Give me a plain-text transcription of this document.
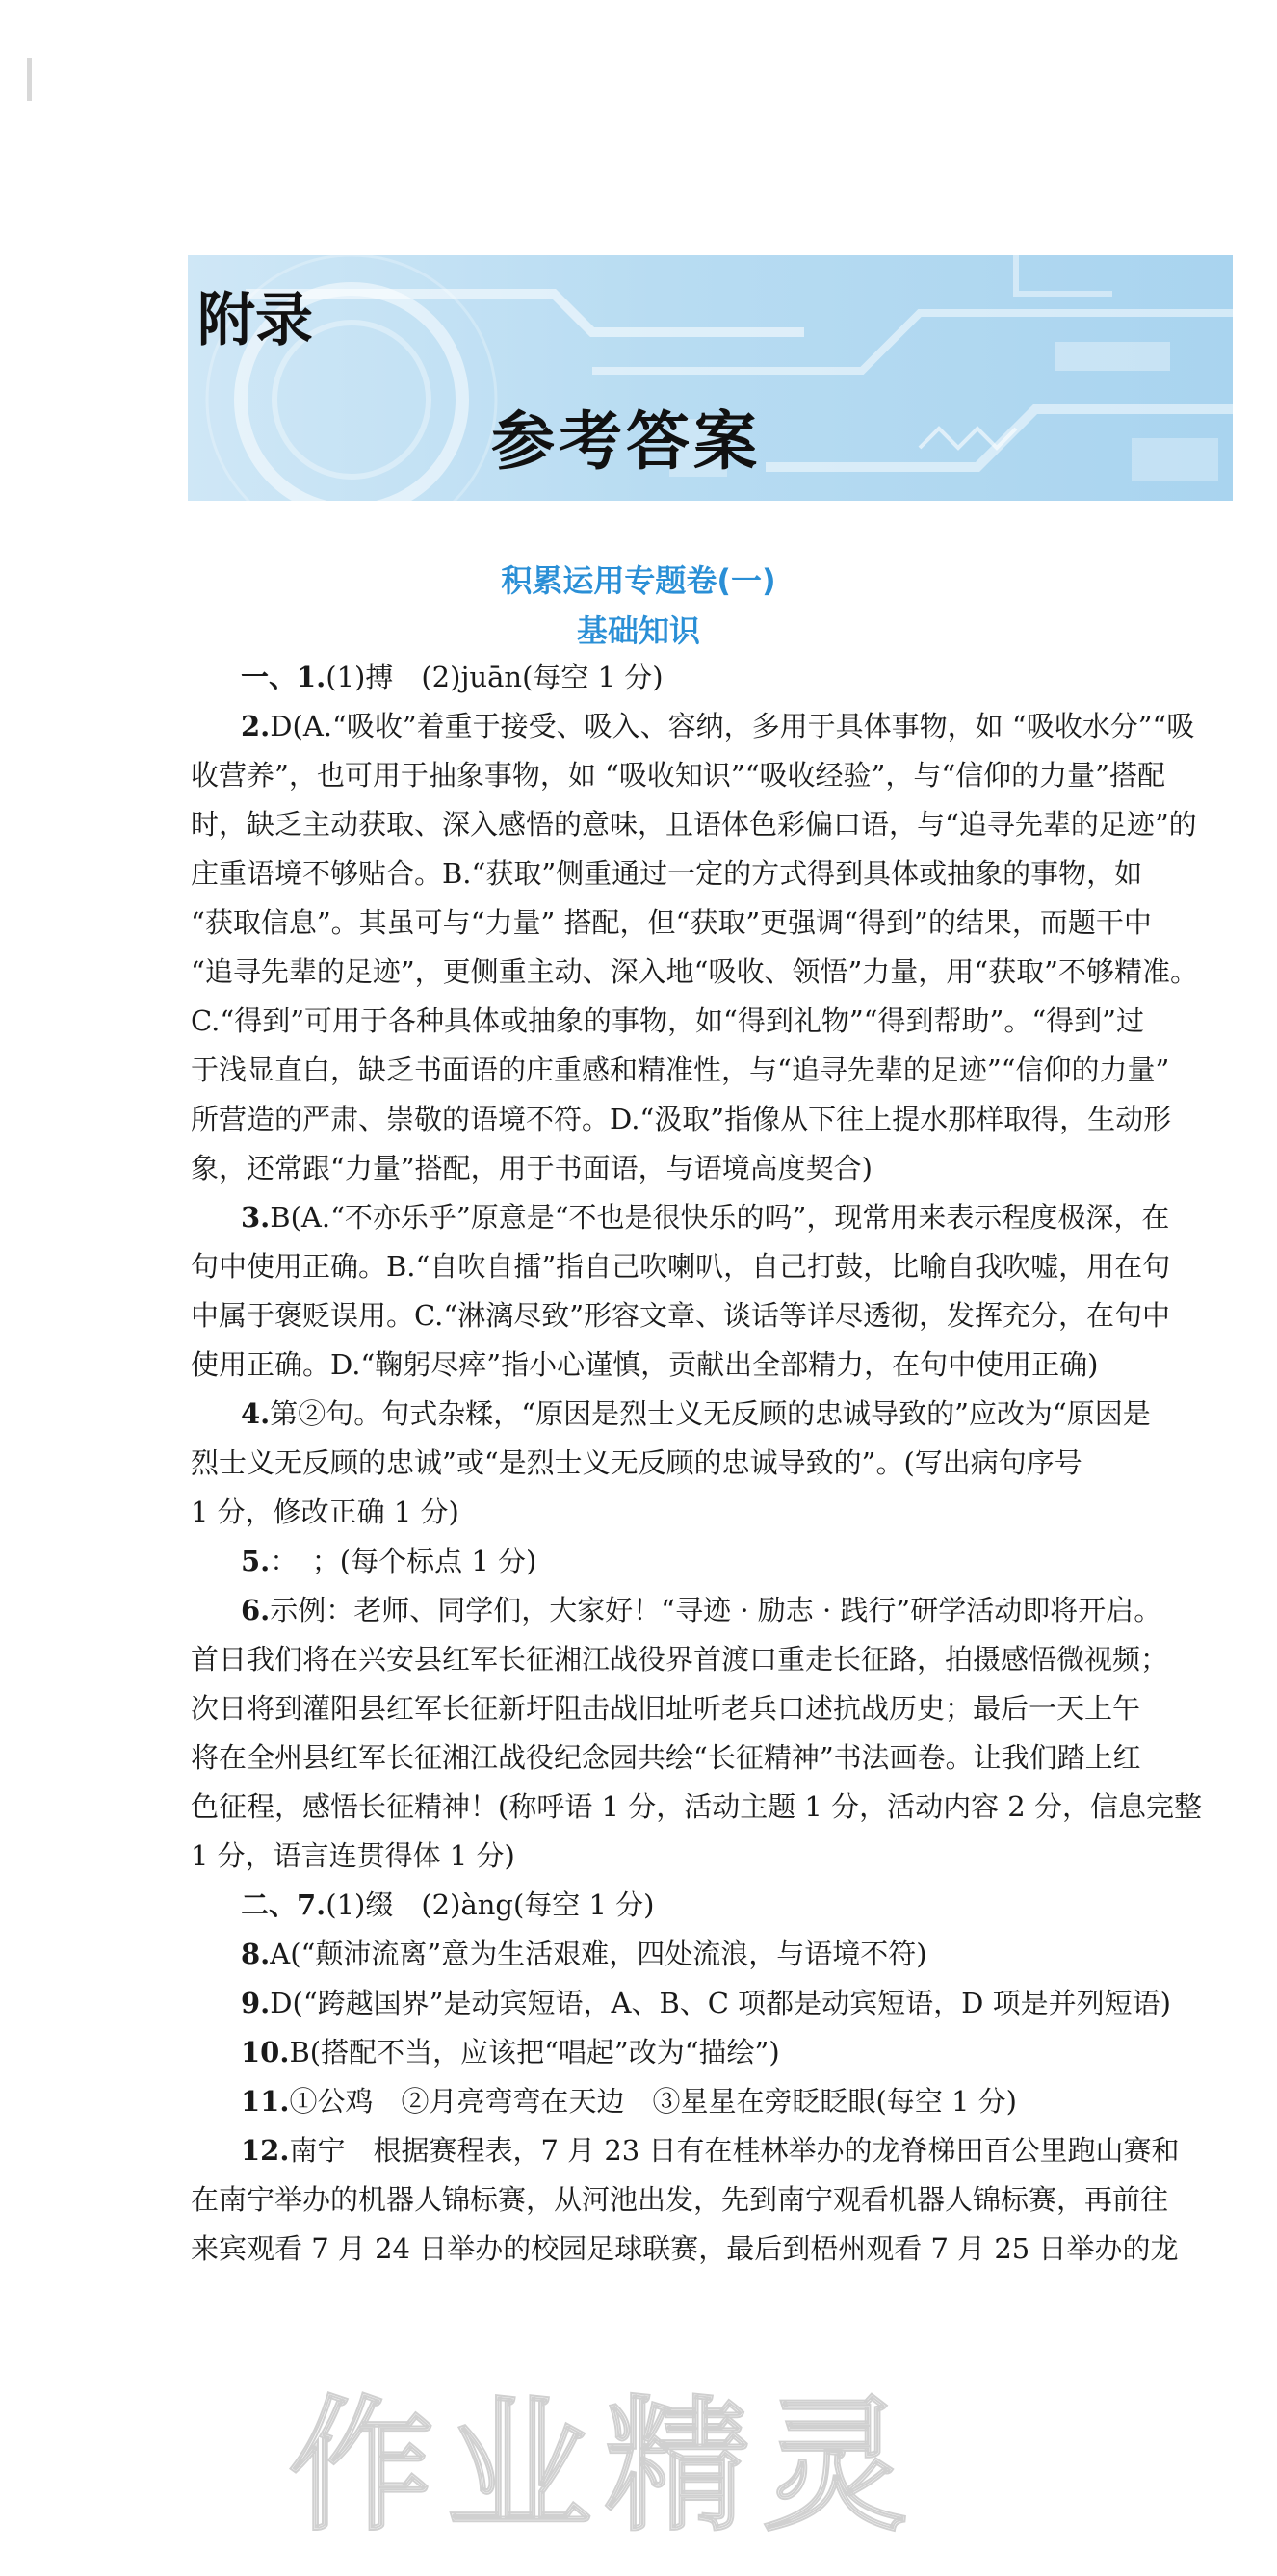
附录
参考答案
积累运用专题卷(一)
基础知识
一、1.(1)搏　(2)juān(每空 1 分)
2.D(A.“吸收”着重于接受、吸入、容纳，多用于具体事物，如 “吸收水分”“吸
收营养”，也可用于抽象事物，如 “吸收知识”“吸收经验”，与“信仰的力量”搭配
时，缺乏主动获取、深入感悟的意味，且语体色彩偏口语，与“追寻先辈的足迹”的
庄重语境不够贴合。B.“获取”侧重通过一定的方式得到具体或抽象的事物，如
“获取信息”。其虽可与“力量” 搭配，但“获取”更强调“得到”的结果，而题干中
“追寻先辈的足迹”，更侧重主动、深入地“吸收、领悟”力量，用“获取”不够精准。
C.“得到”可用于各种具体或抽象的事物，如“得到礼物”“得到帮助”。“得到”过
于浅显直白，缺乏书面语的庄重感和精准性，与“追寻先辈的足迹”“信仰的力量”
所营造的严肃、崇敬的语境不符。D.“汲取”指像从下往上提水那样取得，生动形
象，还常跟“力量”搭配，用于书面语，与语境高度契合)
3.B(A.“不亦乐乎”原意是“不也是很快乐的吗”，现常用来表示程度极深，在
句中使用正确。B.“自吹自擂”指自己吹喇叭，自己打鼓，比喻自我吹嘘，用在句
中属于褒贬误用。C.“淋漓尽致”形容文章、谈话等详尽透彻，发挥充分，在句中
使用正确。D.“鞠躬尽瘁”指小心谨慎，贡献出全部精力，在句中使用正确)
4.第②句。句式杂糅，“原因是烈士义无反顾的忠诚导致的”应改为“原因是
烈士义无反顾的忠诚”或“是烈士义无反顾的忠诚导致的”。(写出病句序号
1 分，修改正确 1 分)
5.：　；(每个标点 1 分)
6.示例：老师、同学们，大家好！“寻迹 · 励志 · 践行”研学活动即将开启。
首日我们将在兴安县红军长征湘江战役界首渡口重走长征路，拍摄感悟微视频；
次日将到灌阳县红军长征新圩阻击战旧址听老兵口述抗战历史；最后一天上午
将在全州县红军长征湘江战役纪念园共绘“长征精神”书法画卷。让我们踏上红
色征程，感悟长征精神！(称呼语 1 分，活动主题 1 分，活动内容 2 分，信息完整
1 分，语言连贯得体 1 分)
二、7.(1)缀　(2)àng(每空 1 分)
8.A(“颠沛流离”意为生活艰难，四处流浪，与语境不符)
9.D(“跨越国界”是动宾短语，A、B、C 项都是动宾短语，D 项是并列短语)
10.B(搭配不当，应该把“唱起”改为“描绘”)
11.①公鸡　②月亮弯弯在天边　③星星在旁眨眨眼(每空 1 分)
12.南宁　根据赛程表，7 月 23 日有在桂林举办的龙脊梯田百公里跑山赛和
在南宁举办的机器人锦标赛，从河池出发，先到南宁观看机器人锦标赛，再前往
来宾观看 7 月 24 日举办的校园足球联赛，最后到梧州观看 7 月 25 日举办的龙
作业精灵
